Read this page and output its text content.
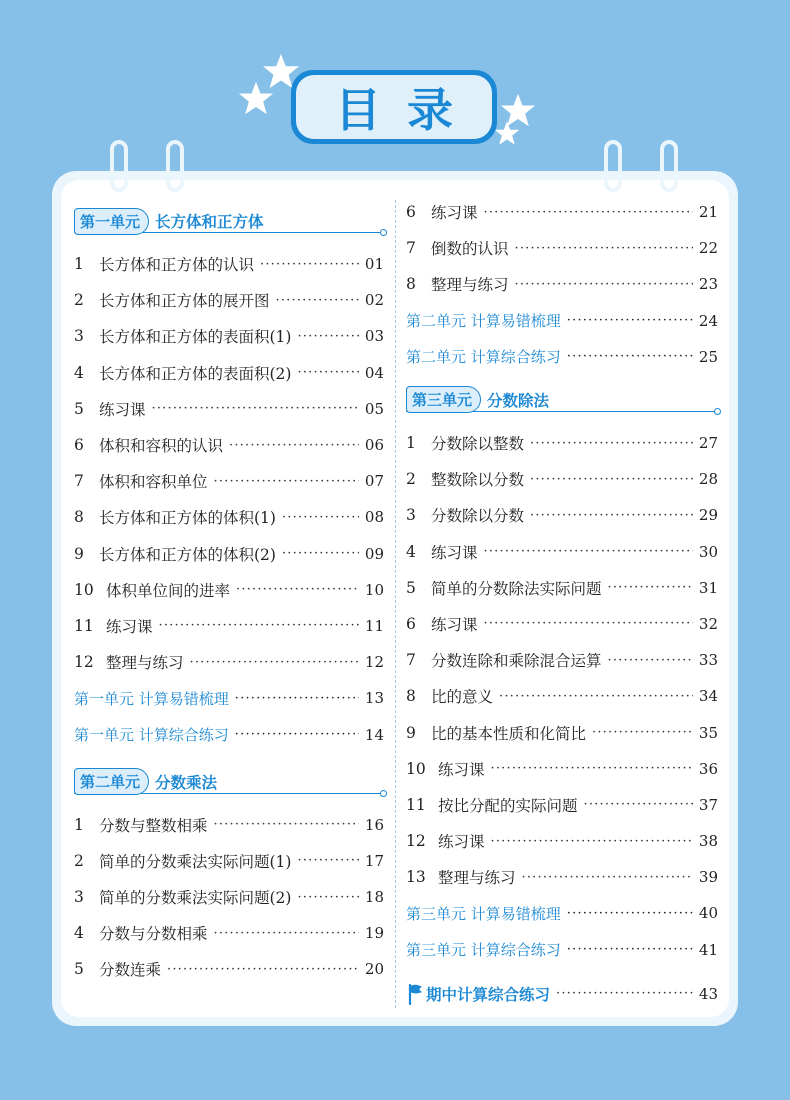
目录
第一单元 长方体和正方体
1 长方体和正方体的认识 ·····	01
2 长方体和正方体的展开图 ·····	02
3 长方体和正方体的表面积(1) ·····	03
4 长方体和正方体的表面积(2) ·····	04
5 练习课 ·····	05
6 体积和容积的认识 ·····	06
7 体积和容积单位 ·····	07
8 长方体和正方体的体积(1) ·····	08
9 长方体和正方体的体积(2) ·····	09
10 体积单位间的进率 ·····	10
11 练习课 ·····	11
12 整理与练习 ·····	12
第一单元 计算易错梳理 ·····	13
第一单元 计算综合练习 ·····	14
第二单元 分数乘法
1 分数与整数相乘 ·····	16
2 简单的分数乘法实际问题(1) ·····	17
3 简单的分数乘法实际问题(2) ·····	18
4 分数与分数相乘 ·····	19
5 分数连乘 ·····	20
6 练习课 ·····	21
7 倒数的认识 ·····	22
8 整理与练习 ·····	23
第二单元 计算易错梳理 ·····	24
第二单元 计算综合练习 ·····	25
第三单元 分数除法
1 分数除以整数 ·····	27
2 整数除以分数 ·····	28
3 分数除以分数 ·····	29
4 练习课 ·····	30
5 简单的分数除法实际问题 ·····	31
6 练习课 ·····	32
7 分数连除和乘除混合运算 ·····	33
8 比的意义 ·····	34
9 比的基本性质和化简比 ·····	35
10 练习课 ·····	36
11 按比分配的实际问题 ·····	37
12 练习课 ·····	38
13 整理与练习 ·····	39
第三单元 计算易错梳理 ·····	40
第三单元 计算综合练习 ·····	41
期中计算综合练习 ·····	43
